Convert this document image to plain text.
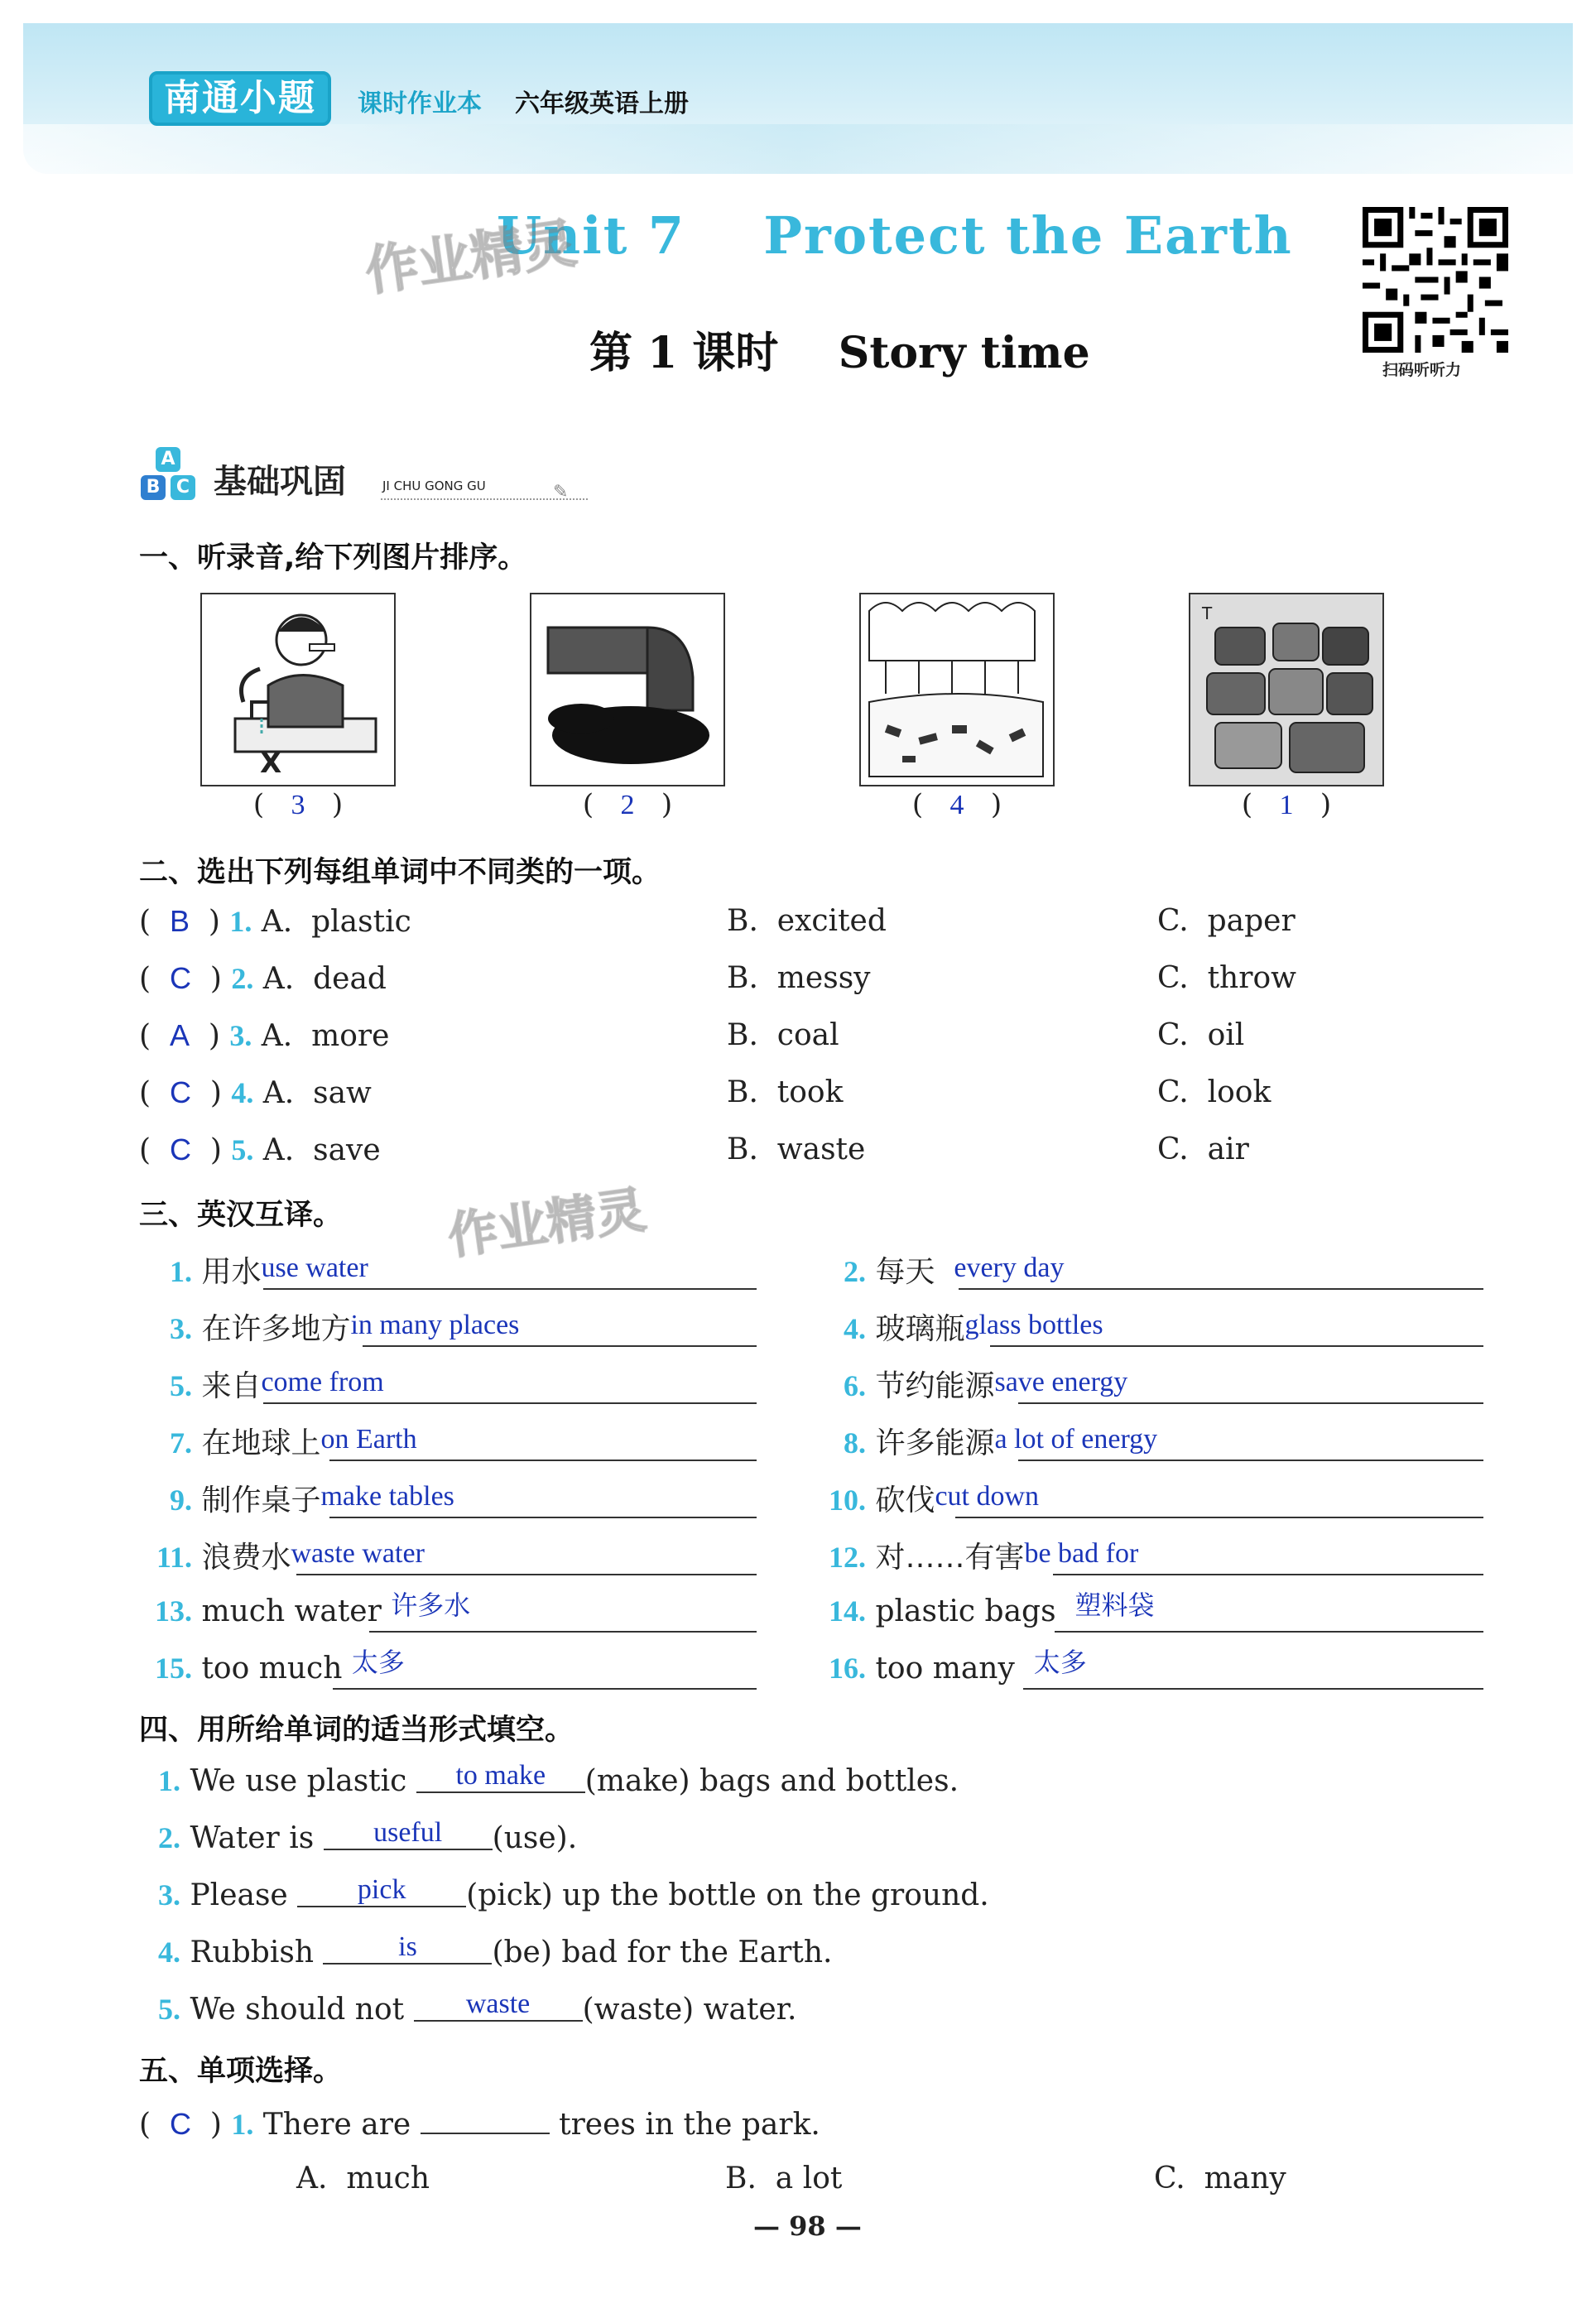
南通小题	课时作业本 六年级英语上册
Unit 7    Protect the Earth
作业精灵
第 1 课时    Story time	扫码听听力
A
B C 基础巩固	JI CHU GONG GU	✎
一、听录音,给下列图片排序。
X
T
(   3   )	(   2   )	(   4   )	(   1   )
二、选出下列每组单词中不同类的一项。
(  B  ) 1. A.  plastic	B.  excited	C.  paper
(  C  ) 2. A.  dead	B.  messy	C.  throw
(  A  ) 3. A.  more	B.  coal	C.  oil
(  C  ) 4. A.  saw	B.  took	C.  look
(  C  ) 5. A.  save	B.  waste	C.  air
三、英汉互译。 作业精灵
1. 用水use water
3. 在许多地方in many places
5. 来自come from
7. 在地球上on Earth
9. 制作桌子make tables
11. 浪费水waste water
13. much water 许多水
15. too much 太多
2. 每天 every day
4. 玻璃瓶glass bottles
6. 节约能源save energy
8. 许多能源a lot of energy
10. 砍伐cut down
12. 对……有害be bad for
14. plastic bags 塑料袋
16. too many 太多
四、用所给单词的适当形式填空。
1. We use plastic to make (make) bags and bottles.
2. Water is useful (use).
3. Please pick (pick) up the bottle on the ground.
4. Rubbish	is	(be) bad for the Earth.
5. We should not waste (waste) water.
五、单项选择。
(  C  ) 1. There are	trees in the park.
A.  much	B.  a lot	C.  many
— 98 —
